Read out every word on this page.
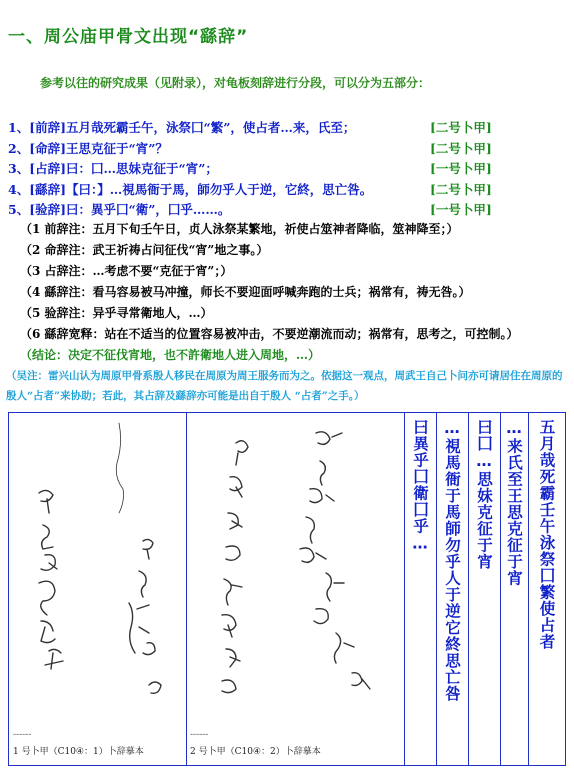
一、周公庙甲骨文出现“繇辞”
参考以往的研究成果（见附录），对龟板刻辞进行分段，可以分为五部分：
1、[前辞]五月哉死霸壬午，泳祭囗“繁”，使占者…来，氏至；	[二号卜甲]
2、[命辞]王思克征于“宵”？	[二号卜甲]
3、[占辞]曰：囗…思妹克征于“宵”；	[一号卜甲]
4、[繇辞]【曰：】…視馬衙于馬，師勿乎人于逆，它終，思亡咎。	[二号卜甲]
5、[验辞]曰：異乎囗“衛”，囗乎……。	[一号卜甲]
（1 前辞注：五月下旬壬午日，贞人泳祭某繁地，祈使占筮神者降临，筮神降至；）
（2 命辞注：武王祈祷占问征伐“宵”地之事。）
（3 占辞注：…考虑不要“克征于宵”；）
（4 繇辞注：看马容易被马冲撞，师长不要迎面呼喊奔跑的士兵；祸常有，祷无咎。）
（5 验辞注：异乎寻常衛地人，…）
（6 繇辞宽释：站在不适当的位置容易被冲击，不要逆潮流而动；祸常有，思考之，可控制。）
（结论：决定不征伐宵地，也不許衛地人进入周地，…）
（吴注：雷兴山认为周原甲骨系殷人移民在周原为周王服务而为之。依据这一观点，周武王自己卜问亦可请居住在周原的殷人“占者”来协助；若此，其占辞及繇辞亦可能是出自于殷人 “占者”之手。）
------
1 号卜甲（C10④：1）卜辞摹本
------
2 号卜甲（C10④：2）卜辞摹本
曰異乎囗衛囗乎… …視馬衙于馬師勿乎人于逆它終思亡咎 曰囗…思妹克征于宵 …来氏至王思克征于宵 五月哉死霸壬午泳祭囗繁使占者
